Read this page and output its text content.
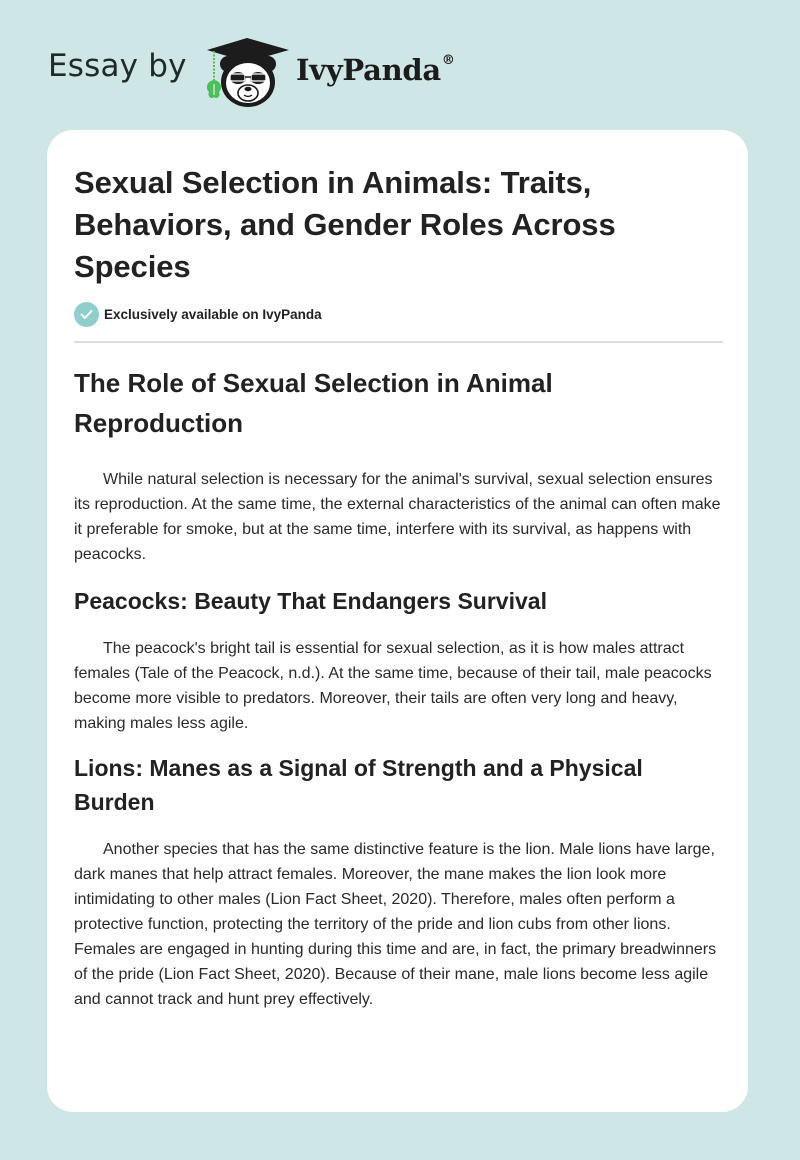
Essay by	IvyPanda®
Sexual Selection in Animals: Traits, Behaviors, and Gender Roles Across Species
Exclusively available on IvyPanda
The Role of Sexual Selection in Animal Reproduction

While natural selection is necessary for the animal's survival, sexual selection ensures its reproduction. At the same time, the external characteristics of the animal can often make it preferable for smoke, but at the same time, interfere with its survival, as happens with peacocks.

Peacocks: Beauty That Endangers Survival

The peacock's bright tail is essential for sexual selection, as it is how males attract females (Tale of the Peacock, n.d.). At the same time, because of their tail, male peacocks become more visible to predators. Moreover, their tails are often very long and heavy, making males less agile.

Lions: Manes as a Signal of Strength and a Physical Burden

Another species that has the same distinctive feature is the lion. Male lions have large, dark manes that help attract females. Moreover, the mane makes the lion look more intimidating to other males (Lion Fact Sheet, 2020). Therefore, males often perform a protective function, protecting the territory of the pride and lion cubs from other lions. Females are engaged in hunting during this time and are, in fact, the primary breadwinners of the pride (Lion Fact Sheet, 2020). Because of their mane, male lions become less agile and cannot track and hunt prey effectively.
